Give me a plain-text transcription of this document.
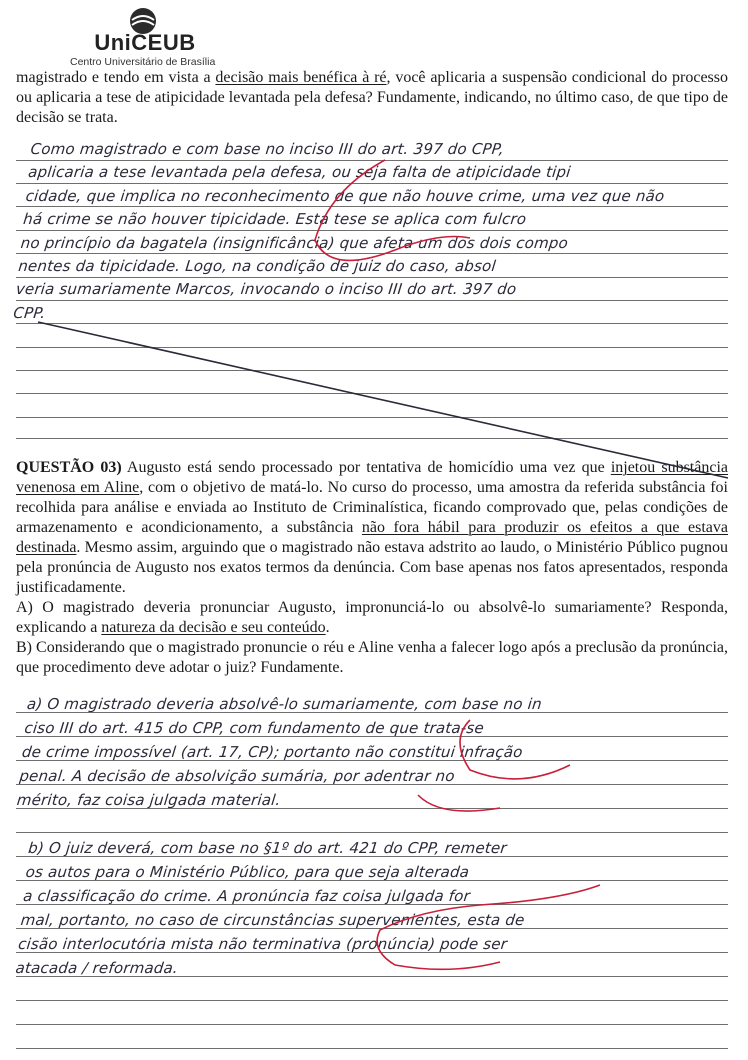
UniCEUB
Centro Universitário de Brasília

magistrado e tendo em vista a decisão mais benéfica à ré, você aplicaria a suspensão condicional do processo ou aplicaria a tese de atipicidade levantada pela defesa? Fundamente, indicando, no último caso, de que tipo de decisão se trata.

Como magistrado e com base no inciso III do art. 397 do CPP,
aplicaria a tese levantada pela defesa, ou seja falta de atipicidade tipi
cidade, que implica no reconhecimento de que não houve crime, uma vez que não
há crime se não houver tipicidade. Esta tese se aplica com fulcro
no princípio da bagatela (insignificância) que afeta um dos dois compo
nentes da tipicidade. Logo, na condição de juiz do caso, absol
veria sumariamente Marcos, invocando o inciso III do art. 397 do
CPP.

QUESTÃO 03) Augusto está sendo processado por tentativa de homicídio uma vez que injetou substância venenosa em Aline, com o objetivo de matá-lo. No curso do processo, uma amostra da referida substância foi recolhida para análise e enviada ao Instituto de Criminalística, ficando comprovado que, pelas condições de armazenamento e acondicionamento, a substância não fora hábil para produzir os efeitos a que estava destinada. Mesmo assim, arguindo que o magistrado não estava adstrito ao laudo, o Ministério Público pugnou pela pronúncia de Augusto nos exatos termos da denúncia. Com base apenas nos fatos apresentados, responda justificadamente.

A) O magistrado deveria pronunciar Augusto, impronunciá-lo ou absolvê-lo sumariamente? Responda, explicando a natureza da decisão e seu conteúdo.

B) Considerando que o magistrado pronuncie o réu e Aline venha a falecer logo após a preclusão da pronúncia, que procedimento deve adotar o juiz? Fundamente.

a) O magistrado deveria absolvê-lo sumariamente, com base no in
ciso III do art. 415 do CPP, com fundamento de que trata-se
de crime impossível (art. 17, CP); portanto não constitui infração
penal. A decisão de absolvição sumária, por adentrar no
mérito, faz coisa julgada material.
b) O juiz deverá, com base no §1º do art. 421 do CPP, remeter
os autos para o Ministério Público, para que seja alterada
a classificação do crime. A pronúncia faz coisa julgada for
mal, portanto, no caso de circunstâncias supervenientes, esta de
cisão interlocutória mista não terminativa (pronúncia) pode ser
atacada / reformada.
